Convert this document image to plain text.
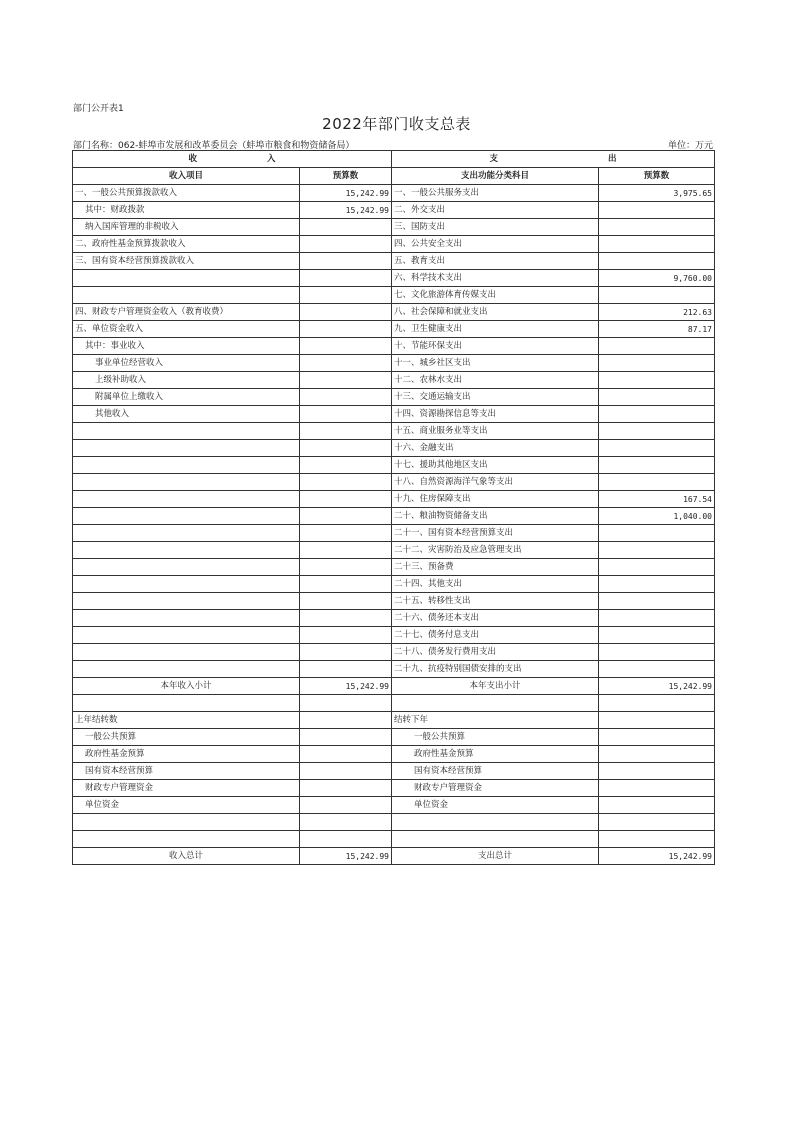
部门公开表1
2022年部门收支总表
部门名称：062-蚌埠市发展和改革委员会（蚌埠市粮食和物资储备局）	单位：万元
收 入		支 出	
收入项目	预算数	支出功能分类科目	预算数
一、一般公共预算拨款收入	15,242.99	一、一般公共服务支出	3,975.65
其中：财政拨款	15,242.99	二、外交支出	
纳入国库管理的非税收入		三、国防支出	
二、政府性基金预算拨款收入		四、公共安全支出	
三、国有资本经营预算拨款收入		五、教育支出	
		六、科学技术支出	9,760.00
		七、文化旅游体育传媒支出	
四、财政专户管理资金收入（教育收费）		八、社会保障和就业支出	212.63
五、单位资金收入		九、卫生健康支出	87.17
其中：事业收入		十、节能环保支出	
事业单位经营收入		十一、城乡社区支出	
上级补助收入		十二、农林水支出	
附属单位上缴收入		十三、交通运输支出	
其他收入		十四、资源勘探信息等支出	
		十五、商业服务业等支出	
		十六、金融支出	
		十七、援助其他地区支出	
		十八、自然资源海洋气象等支出	
		十九、住房保障支出	167.54
		二十、粮油物资储备支出	1,040.00
		二十一、国有资本经营预算支出	
		二十二、灾害防治及应急管理支出	
		二十三、预备费	
		二十四、其他支出	
		二十五、转移性支出	
		二十六、债务还本支出	
		二十七、债务付息支出	
		二十八、债务发行费用支出	
		二十九、抗疫特别国债安排的支出	
本年收入小计	15,242.99	本年支出小计	15,242.99

上年结转数		结转下年	
一般公共预算		一般公共预算	
政府性基金预算		政府性基金预算	
国有资本经营预算		国有资本经营预算	
财政专户管理资金		财政专户管理资金	
单位资金		单位资金	

收入总计	15,242.99	支出总计	15,242.99
